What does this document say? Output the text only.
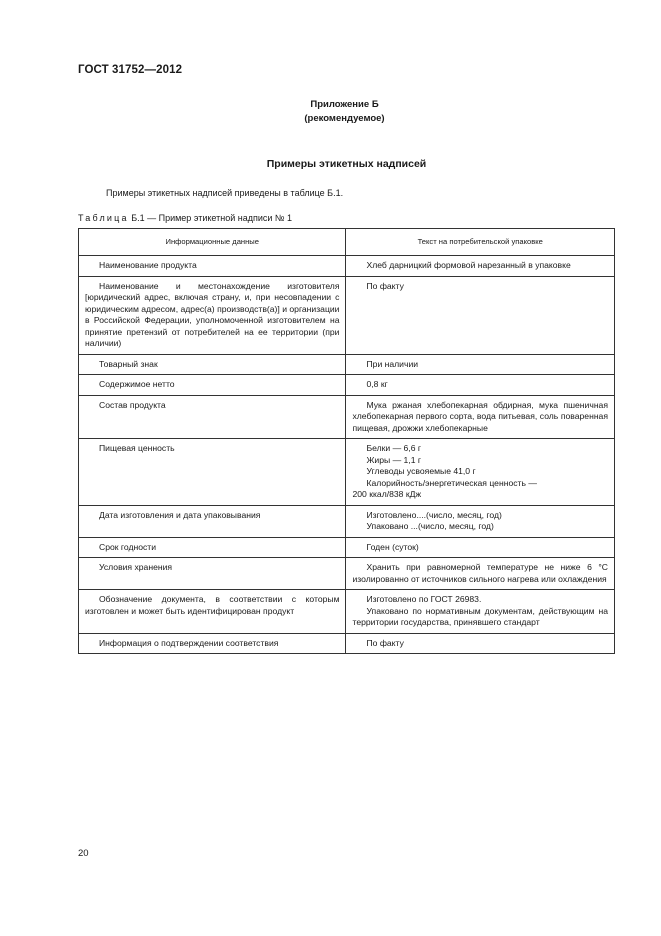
ГОСТ 31752—2012
Приложение Б
(рекомендуемое)
Примеры этикетных надписей
Примеры этикетных надписей приведены в таблице Б.1.
Таблица Б.1 — Пример этикетной надписи № 1
Информационные данные	Текст на потребительской упаковке

Наименование продукта	Хлеб дарницкий формовой нарезанный в упаковке

Наименование и местонахождение изготовителя [юридический адрес, включая страну, и, при несовпадении с юридическим адресом, адрес(а) производств(а)] и организации в Российской Федерации, уполномоченной изготовителем на принятие претензий от потребителей на ее территории (при наличии)	По факту

Товарный знак	При наличии

Содержимое нетто	0,8 кг

Состав продукта	Мука ржаная хлебопекарная обдирная, мука пшеничная хлебопекарная первого сорта, вода питьевая, соль поваренная пищевая, дрожжи хлебопекарные

Пищевая ценность	Белки — 6,6 г
Жиры — 1,1 г
Углеводы усвояемые 41,0 г
Калорийность/энергетическая ценность —
200 ккал/838 кДж

Дата изготовления и дата упаковывания	Изготовлено....(число, месяц, год)
Упаковано ...(число, месяц, год)

Срок годности	Годен (суток)

Условия хранения	Хранить при равномерной температуре не ниже 6 °С изолированно от источников сильного нагрева или охлаждения

Обозначение документа, в соответствии с которым изготовлен и может быть идентифицирован продукт	Изготовлено по ГОСТ 26983.
Упаковано по нормативным документам, действующим на территории государства, принявшего стандарт

Информация о подтверждении соответствия	По факту
20
